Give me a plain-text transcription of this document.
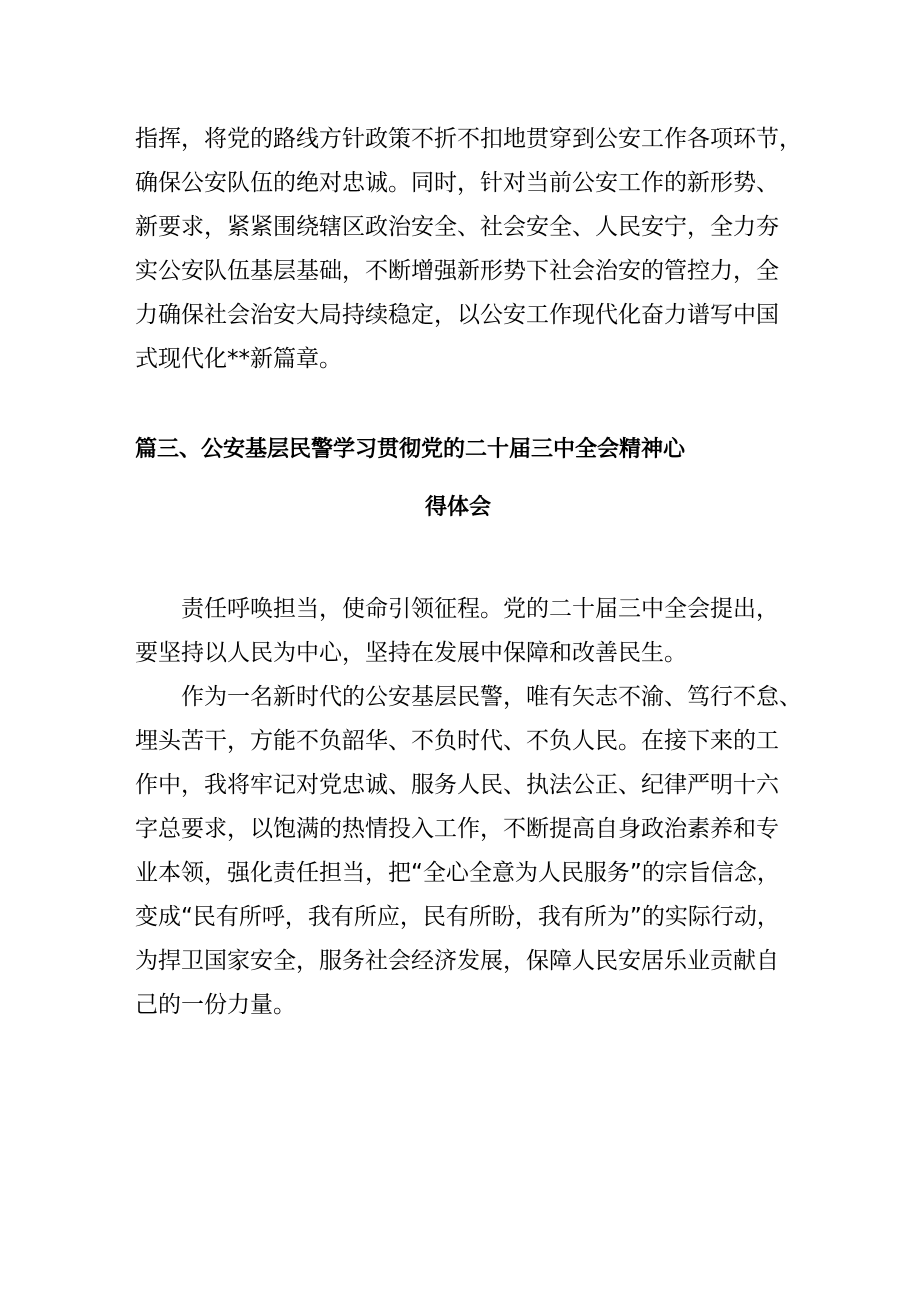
指挥，将党的路线方针政策不折不扣地贯穿到公安工作各项环节，
确保公安队伍的绝对忠诚。同时，针对当前公安工作的新形势、
新要求，紧紧围绕辖区政治安全、社会安全、人民安宁，全力夯
实公安队伍基层基础，不断增强新形势下社会治安的管控力，全
力确保社会治安大局持续稳定，以公安工作现代化奋力谱写中国
式现代化**新篇章。
篇三、公安基层民警学习贯彻党的二十届三中全会精神心
得体会
责任呼唤担当，使命引领征程。党的二十届三中全会提出，
要坚持以人民为中心，坚持在发展中保障和改善民生。
作为一名新时代的公安基层民警，唯有矢志不渝、笃行不怠、
埋头苦干，方能不负韶华、不负时代、不负人民。在接下来的工
作中，我将牢记对党忠诚、服务人民、执法公正、纪律严明十六
字总要求，以饱满的热情投入工作，不断提高自身政治素养和专
业本领，强化责任担当，把“全心全意为人民服务”的宗旨信念，
变成“民有所呼，我有所应，民有所盼，我有所为”的实际行动，
为捍卫国家安全，服务社会经济发展，保障人民安居乐业贡献自
己的一份力量。
